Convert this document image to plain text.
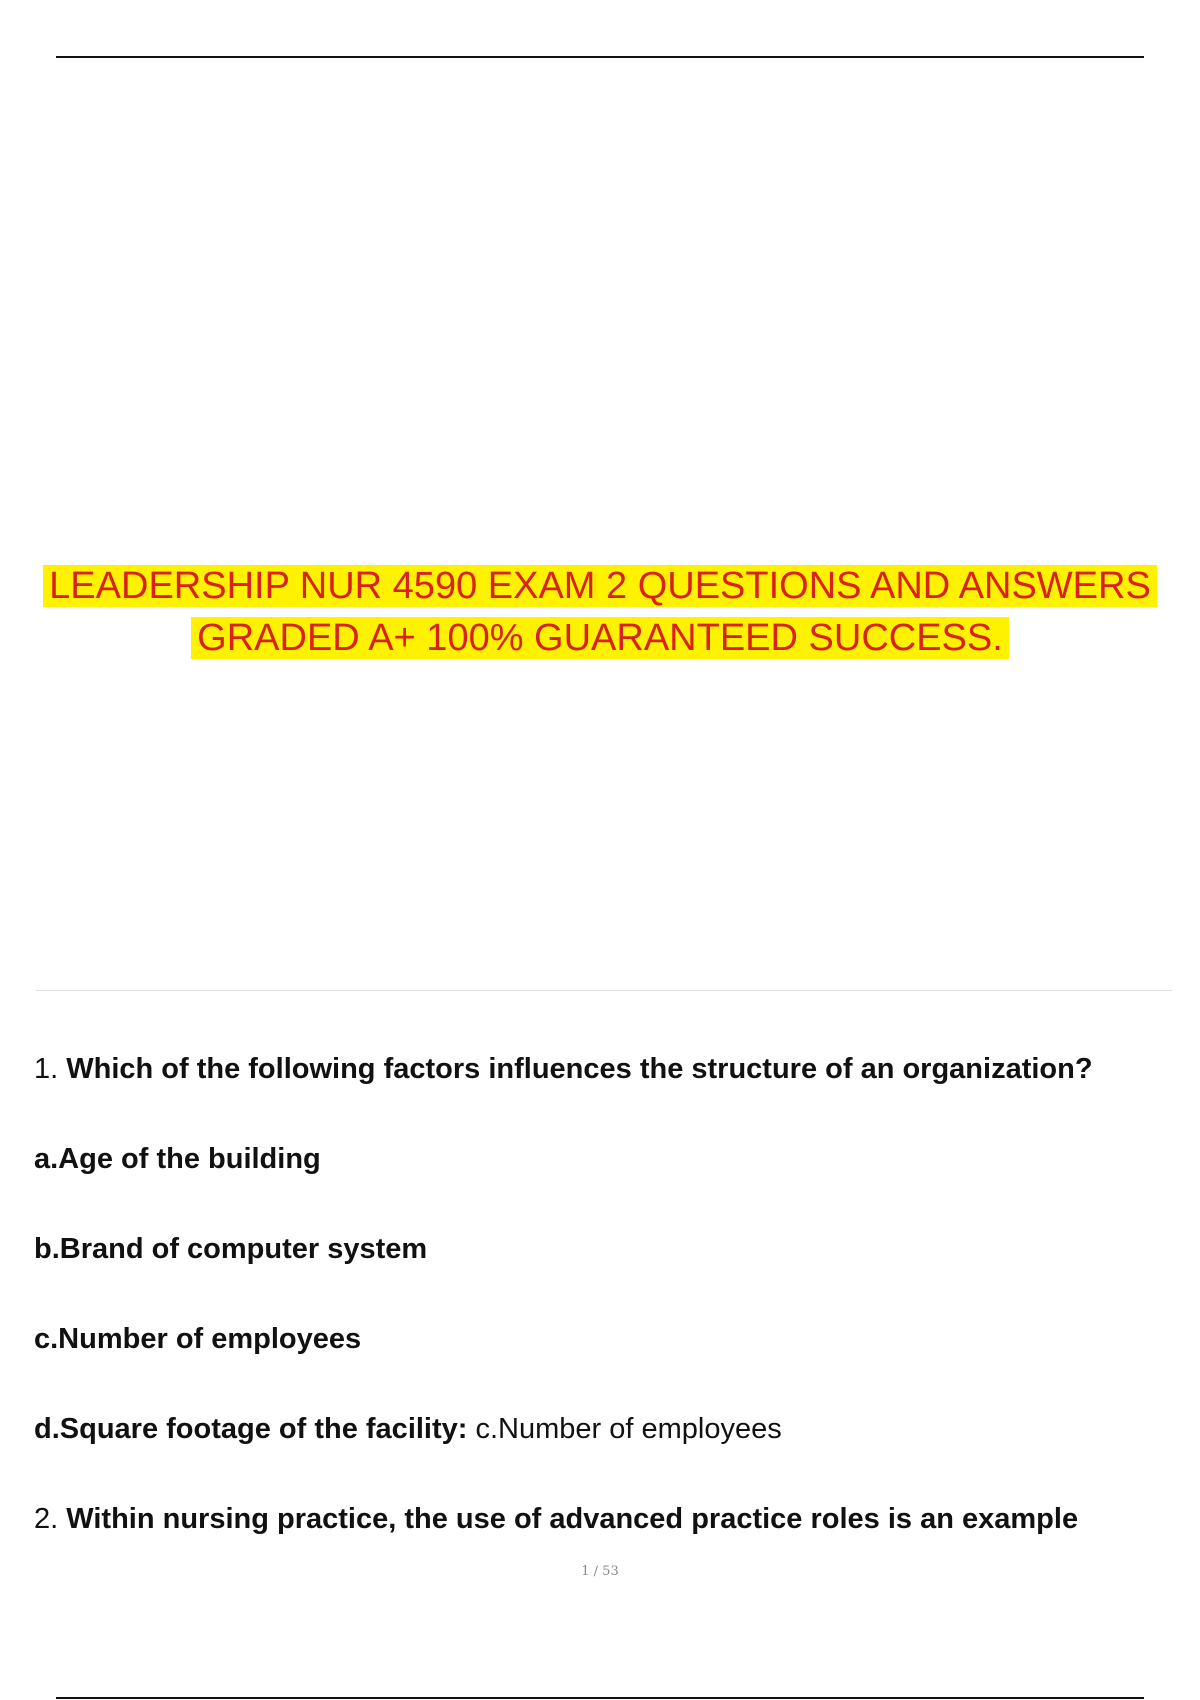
LEADERSHIP NUR 4590 EXAM 2 QUESTIONS AND ANSWERS
GRADED A+ 100% GUARANTEED SUCCESS.

1. Which of the following factors influences the structure of an organization?

a.Age of the building

b.Brand of computer system

c.Number of employees

d.Square footage of the facility: c.Number of employees

2. Within nursing practice, the use of advanced practice roles is an example

1 / 53
